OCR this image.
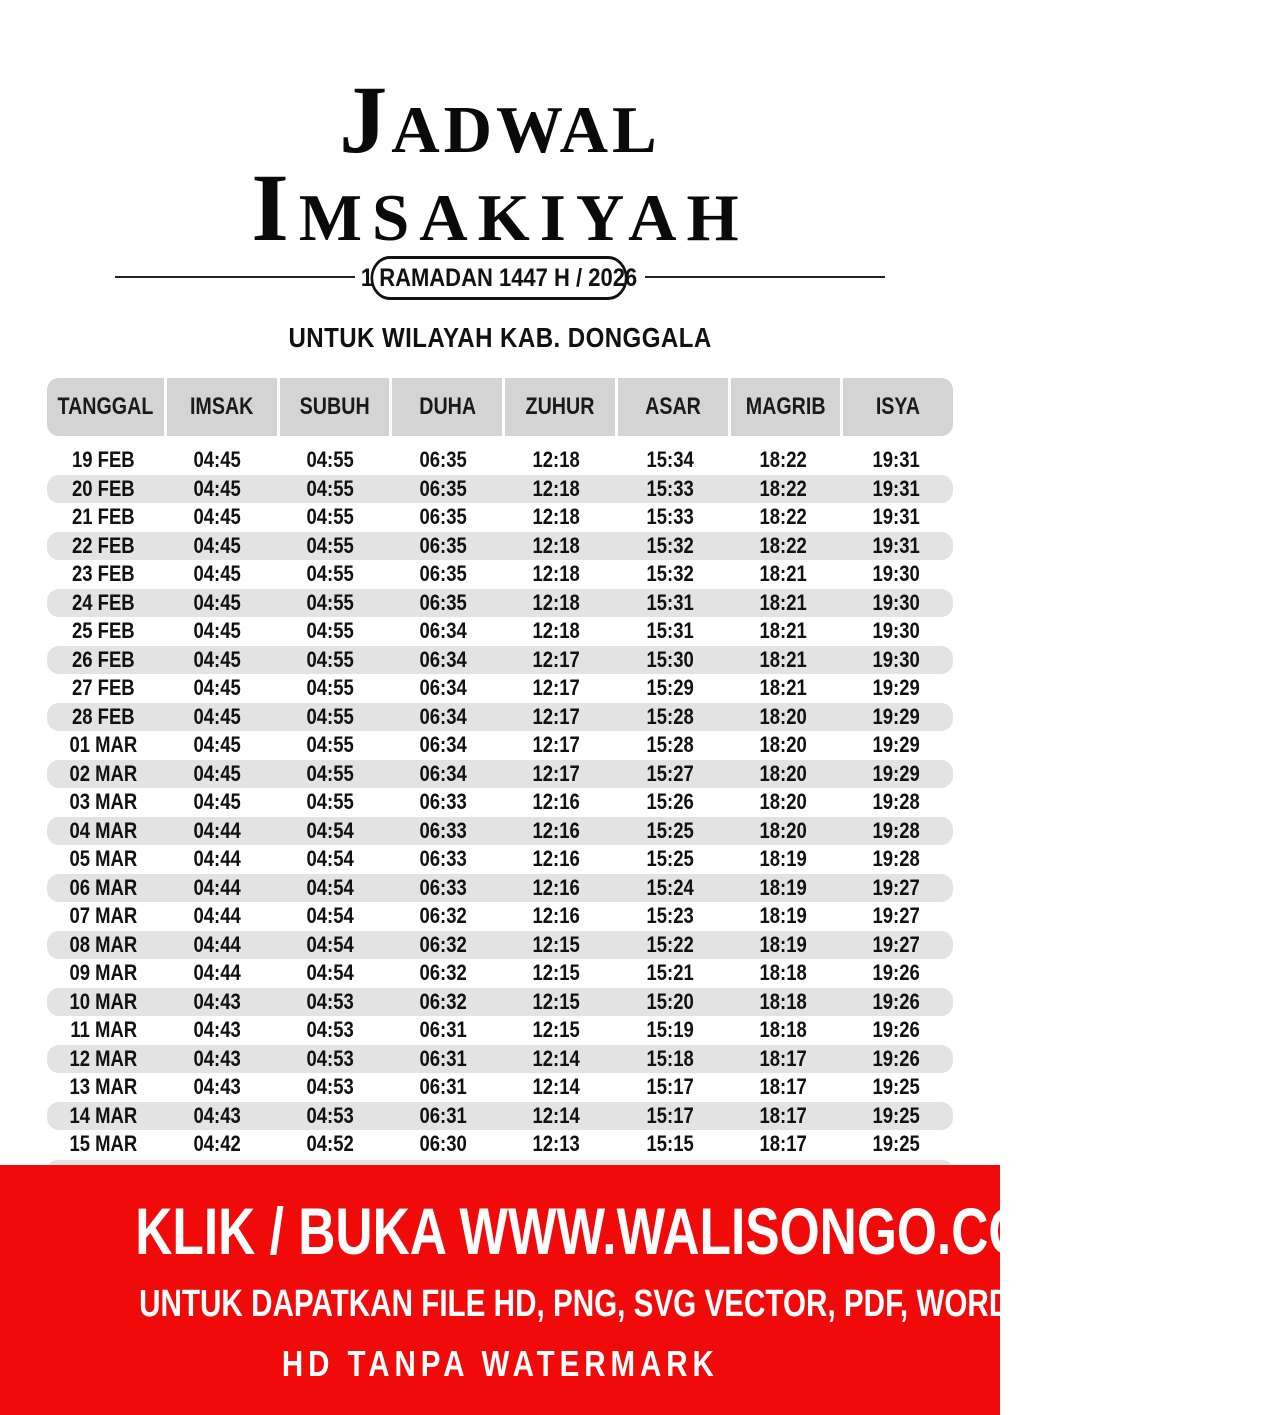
Jadwal
Imsakiyah
1 RAMADAN 1447 H / 2026
UNTUK WILAYAH KAB. DONGGALA
TANGGAL IMSAK SUBUH DUHA ZUHUR ASAR MAGRIB ISYA
19 FEB	04:45	04:55	06:35	12:18	15:34	18:22	19:31
20 FEB	04:45	04:55	06:35	12:18	15:33	18:22	19:31
21 FEB	04:45	04:55	06:35	12:18	15:33	18:22	19:31
22 FEB	04:45	04:55	06:35	12:18	15:32	18:22	19:31
23 FEB	04:45	04:55	06:35	12:18	15:32	18:21	19:30
24 FEB	04:45	04:55	06:35	12:18	15:31	18:21	19:30
25 FEB	04:45	04:55	06:34	12:18	15:31	18:21	19:30
26 FEB	04:45	04:55	06:34	12:17	15:30	18:21	19:30
27 FEB	04:45	04:55	06:34	12:17	15:29	18:21	19:29
28 FEB	04:45	04:55	06:34	12:17	15:28	18:20	19:29
01 MAR	04:45	04:55	06:34	12:17	15:28	18:20	19:29
02 MAR	04:45	04:55	06:34	12:17	15:27	18:20	19:29
03 MAR	04:45	04:55	06:33	12:16	15:26	18:20	19:28
04 MAR	04:44	04:54	06:33	12:16	15:25	18:20	19:28
05 MAR	04:44	04:54	06:33	12:16	15:25	18:19	19:28
06 MAR	04:44	04:54	06:33	12:16	15:24	18:19	19:27
07 MAR	04:44	04:54	06:32	12:16	15:23	18:19	19:27
08 MAR	04:44	04:54	06:32	12:15	15:22	18:19	19:27
09 MAR	04:44	04:54	06:32	12:15	15:21	18:18	19:26
10 MAR	04:43	04:53	06:32	12:15	15:20	18:18	19:26
11 MAR	04:43	04:53	06:31	12:15	15:19	18:18	19:26
12 MAR	04:43	04:53	06:31	12:14	15:18	18:17	19:26
13 MAR	04:43	04:53	06:31	12:14	15:17	18:17	19:25
14 MAR	04:43	04:53	06:31	12:14	15:17	18:17	19:25
15 MAR	04:42	04:52	06:30	12:13	15:15	18:17	19:25
KLIK / BUKA WWW.WALISONGO.CO.ID
UNTUK DAPATKAN FILE HD, PNG, SVG VECTOR, PDF, WORD, EXCEL
HD TANPA WATERMARK
